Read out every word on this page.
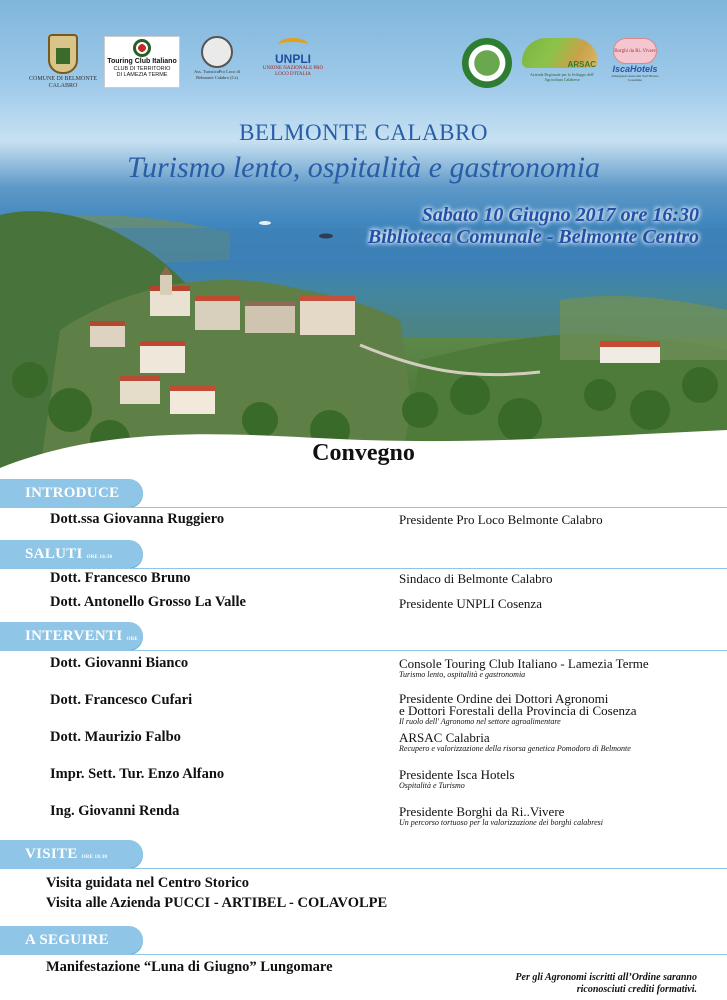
COMUNE DI BELMONTE CALABRO
Touring Club Italiano
CLUB DI TERRITORIO
DI LAMEZIA TERME
Ass. TuristicaPro Loco di Belmonte Calabro (Cs)
UNPLI
UNIONE NAZIONALE PRO LOCO D'ITALIA
ARSAC
Azienda Regionale per lo Sviluppo dell' Agricoltura Calabrese
Borghi da Ri..Vivere
IscaHotels
Albergatori Associati Sud Tirreno Cosentino
BELMONTE CALABRO
Turismo lento, ospitalità e gastronomia
Sabato 10 Giugno 2017 ore 16:30
Biblioteca Comunale - Belmonte Centro
Convegno
INTRODUCE
Dott.ssa Giovanna Ruggiero	Presidente Pro Loco Belmonte Calabro
SALUTI ORE 16:30
Dott. Francesco Bruno	Sindaco di Belmonte Calabro
Dott. Antonello Grosso La Valle	Presidente UNPLI Cosenza
INTERVENTI ORE 16:45
Dott. Giovanni Bianco	Console Touring Club Italiano - Lamezia Terme
Turismo lento, ospitalità e gastronomia
Dott. Francesco Cufari	Presidente Ordine dei Dottori Agronomi
e Dottori Forestali della Provincia di Cosenza
Il ruolo dell' Agronomo nel settore agroalimentare
Dott. Maurizio Falbo	ARSAC Calabria
Recupero e valorizzazione della risorsa genetica Pomodoro di Belmonte
Impr. Sett. Tur. Enzo Alfano	Presidente Isca Hotels
Ospitalità e Turismo
Ing. Giovanni Renda	Presidente Borghi da Ri..Vivere
Un percorso tortuoso per la valorizzazione dei borghi calabresi
VISITE ORE 18:30
Visita guidata nel Centro Storico
Visita alle Azienda PUCCI - ARTIBEL - COLAVOLPE
A SEGUIRE
Manifestazione “Luna di Giugno” Lungomare
Per gli Agronomi iscritti all’Ordine saranno riconosciuti crediti formativi.
